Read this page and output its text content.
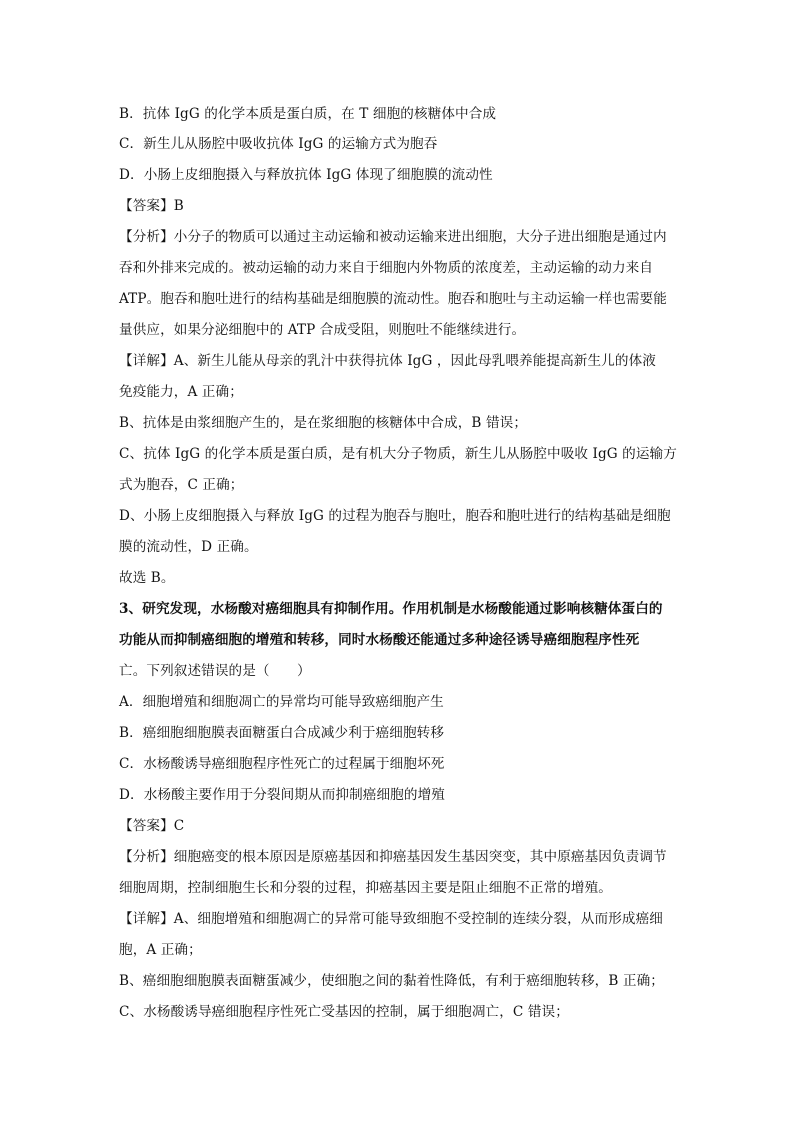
B．抗体 IgG 的化学本质是蛋白质，在 T 细胞的核糖体中合成
C．新生儿从肠腔中吸收抗体 IgG 的运输方式为胞吞
D．小肠上皮细胞摄入与释放抗体 IgG 体现了细胞膜的流动性
【答案】B
【分析】小分子的物质可以通过主动运输和被动运输来进出细胞，大分子进出细胞是通过内
吞和外排来完成的。被动运输的动力来自于细胞内外物质的浓度差，主动运输的动力来自
ATP。胞吞和胞吐进行的结构基础是细胞膜的流动性。胞吞和胞吐与主动运输一样也需要能
量供应，如果分泌细胞中的 ATP 合成受阻，则胞吐不能继续进行。
【详解】A、新生儿能从母亲的乳汁中获得抗体 IgG ，因此母乳喂养能提高新生儿的体液
免疫能力，A 正确；
B、抗体是由浆细胞产生的，是在浆细胞的核糖体中合成，B 错误；
C、抗体 IgG 的化学本质是蛋白质，是有机大分子物质，新生儿从肠腔中吸收 IgG 的运输方
式为胞吞，C 正确；
D、小肠上皮细胞摄入与释放 IgG 的过程为胞吞与胞吐，胞吞和胞吐进行的结构基础是细胞
膜的流动性，D 正确。
故选 B。
3、研究发现，水杨酸对癌细胞具有抑制作用。作用机制是水杨酸能通过影响核糖体蛋白的
功能从而抑制癌细胞的增殖和转移，同时水杨酸还能通过多种途径诱导癌细胞程序性死
亡。下列叙述错误的是（　　）
A．细胞增殖和细胞凋亡的异常均可能导致癌细胞产生
B．癌细胞细胞膜表面糖蛋白合成减少利于癌细胞转移
C．水杨酸诱导癌细胞程序性死亡的过程属于细胞坏死
D．水杨酸主要作用于分裂间期从而抑制癌细胞的增殖
【答案】C
【分析】细胞癌变的根本原因是原癌基因和抑癌基因发生基因突变，其中原癌基因负责调节
细胞周期，控制细胞生长和分裂的过程，抑癌基因主要是阻止细胞不正常的增殖。
【详解】A、细胞增殖和细胞凋亡的异常可能导致细胞不受控制的连续分裂，从而形成癌细
胞，A 正确；
B、癌细胞细胞膜表面糖蛋减少，使细胞之间的黏着性降低，有利于癌细胞转移，B 正确；
C、水杨酸诱导癌细胞程序性死亡受基因的控制，属于细胞凋亡，C 错误；
